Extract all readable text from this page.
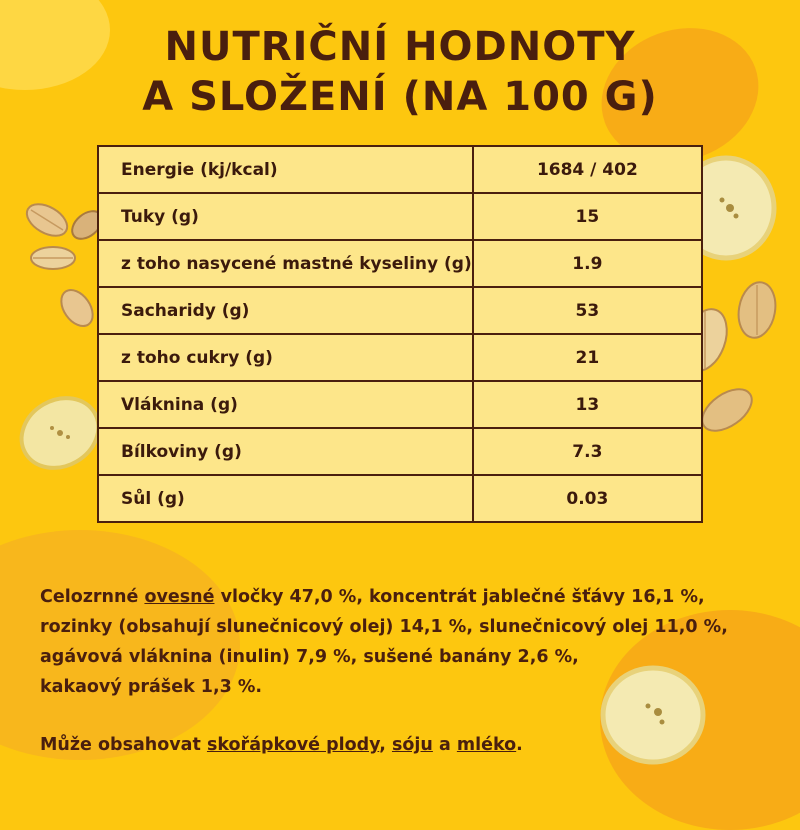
NUTRIČNÍ HODNOTY
A SLOŽENÍ (NA 100 G)
Energie (kj/kcal)	1684 / 402
Tuky (g)	15
z toho nasycené mastné kyseliny (g)	1.9
Sacharidy (g)	53
z toho cukry (g)	21
Vláknina (g)	13
Bílkoviny (g)	7.3
Sůl (g)	0.03
Celozrnné ovesné vločky 47,0 %, koncentrát jablečné šťávy 16,1 %,
rozinky (obsahují slunečnicový olej) 14,1 %, slunečnicový olej 11,0 %,
agávová vláknina (inulin) 7,9 %, sušené banány 2,6 %,
kakaový prášek 1,3 %.
Může obsahovat skořápkové plody, sóju a mléko.
